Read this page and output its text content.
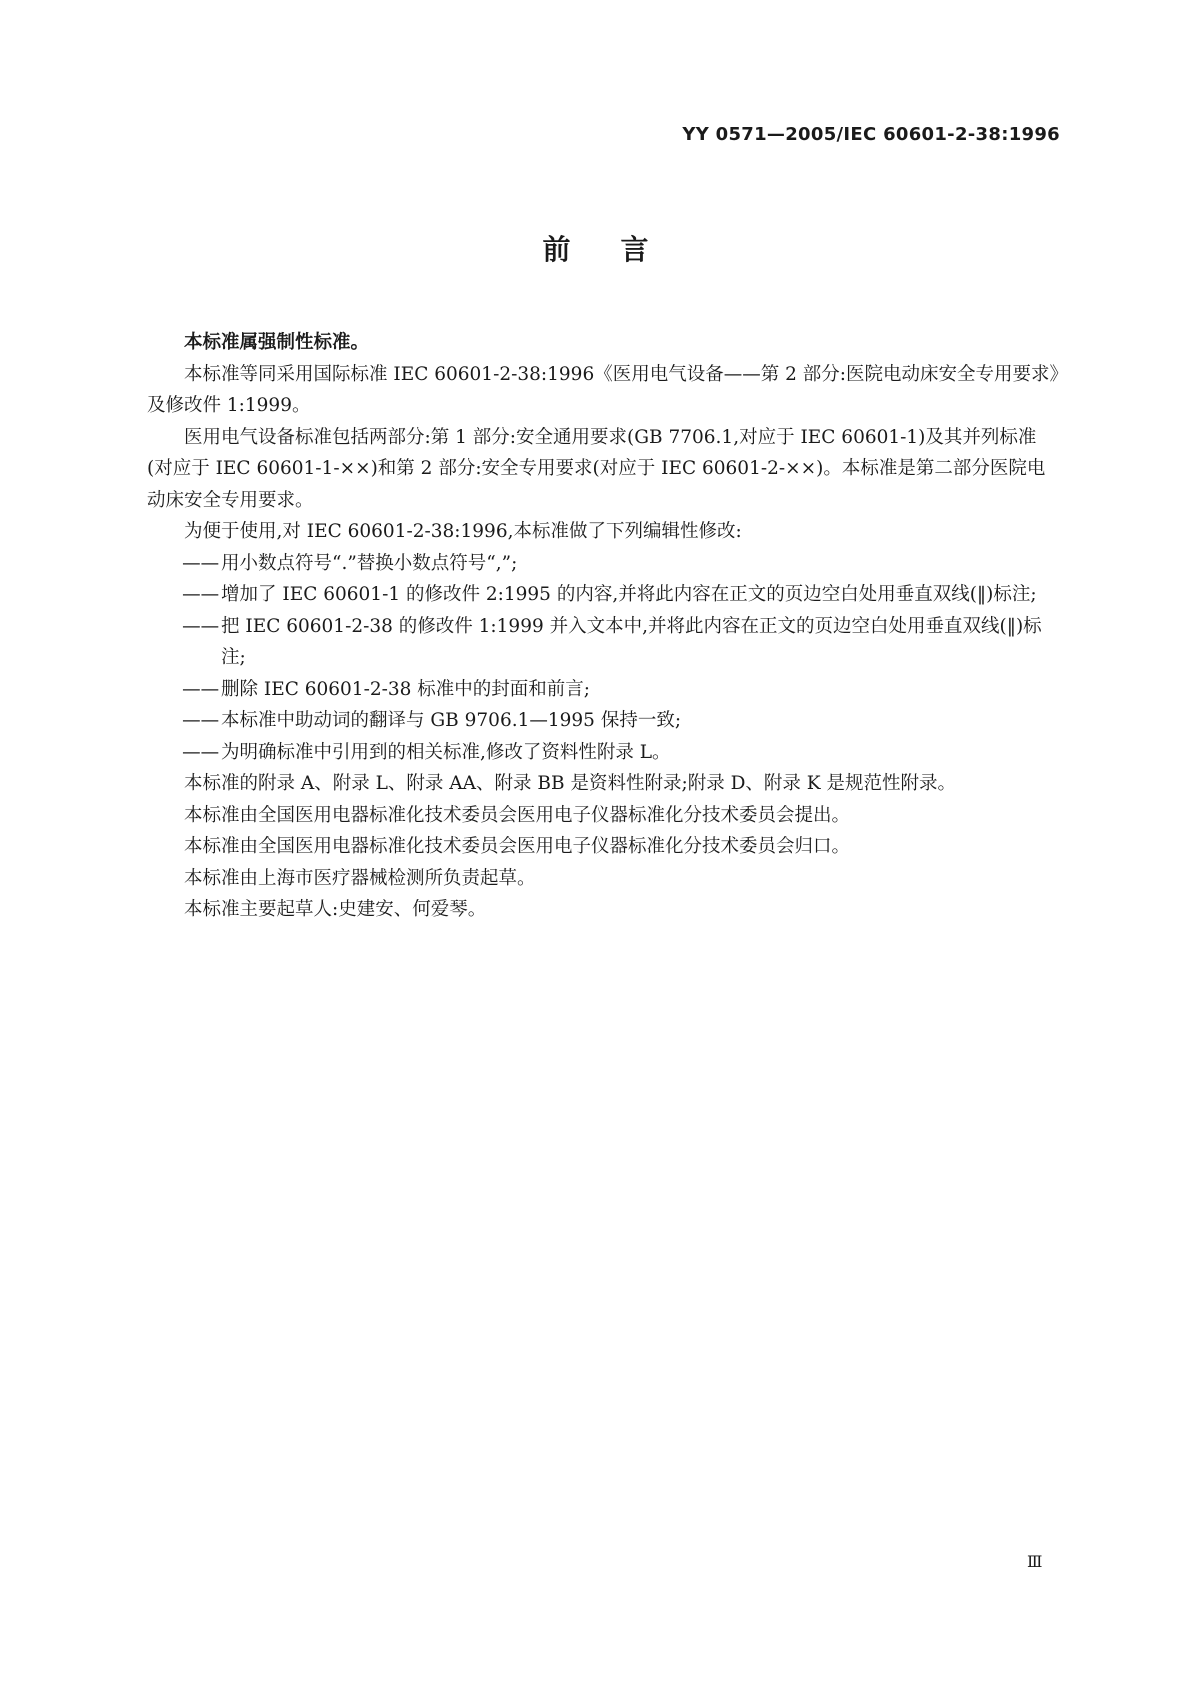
YY 0571—2005/IEC 60601-2-38:1996
前言

本标准属强制性标准。

本标准等同采用国际标准 IEC 60601-2-38:1996《医用电气设备——第 2 部分:医院电动床安全专用要求》及修改件 1:1999。

医用电气设备标准包括两部分:第 1 部分:安全通用要求(GB 7706.1,对应于 IEC 60601-1)及其并列标准(对应于 IEC 60601-1-××)和第 2 部分:安全专用要求(对应于 IEC 60601-2-××)。本标准是第二部分医院电动床安全专用要求。

为便于使用,对 IEC 60601-2-38:1996,本标准做了下列编辑性修改:

—— 用小数点符号“.”替换小数点符号“,”;

—— 增加了 IEC 60601-1 的修改件 2:1995 的内容,并将此内容在正文的页边空白处用垂直双线(‖)标注;

—— 把 IEC 60601-2-38 的修改件 1:1999 并入文本中,并将此内容在正文的页边空白处用垂直双线(‖)标注;

—— 删除 IEC 60601-2-38 标准中的封面和前言;

—— 本标准中助动词的翻译与 GB 9706.1—1995 保持一致;

—— 为明确标准中引用到的相关标准,修改了资料性附录 L。

本标准的附录 A、附录 L、附录 AA、附录 BB 是资料性附录;附录 D、附录 K 是规范性附录。

本标准由全国医用电器标准化技术委员会医用电子仪器标准化分技术委员会提出。

本标准由全国医用电器标准化技术委员会医用电子仪器标准化分技术委员会归口。

本标准由上海市医疗器械检测所负责起草。

本标准主要起草人:史建安、何爱琴。

Ⅲ
